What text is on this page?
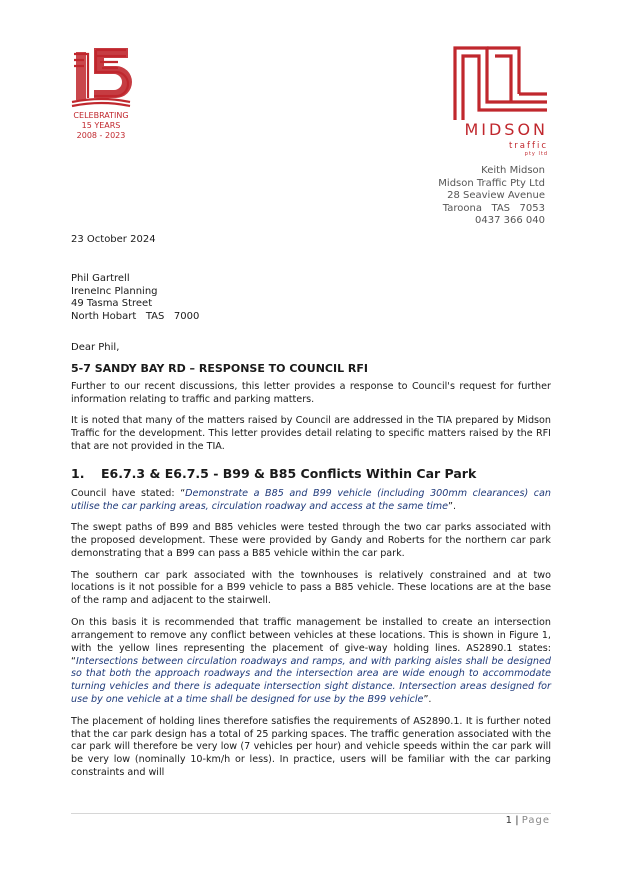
CELEBRATING
15 YEARS
2008 - 2023	MIDSON
traffic
pty ltd
Keith Midson
Midson Traffic Pty Ltd
28 Seaview Avenue
Taroona   TAS   7053
0437 366 040
23 October 2024
Phil Gartrell
IreneInc Planning
49 Tasma Street
North Hobart   TAS   7000
Dear Phil,
5-7 SANDY BAY RD – RESPONSE TO COUNCIL RFI

Further to our recent discussions, this letter provides a response to Council's request for further information relating to traffic and parking matters.

It is noted that many of the matters raised by Council are addressed in the TIA prepared by Midson Traffic for the development. This letter provides detail relating to specific matters raised by the RFI that are not provided in the TIA.

1. E6.7.3 & E6.7.5 - B99 & B85 Conflicts Within Car Park

Council have stated: “Demonstrate a B85 and B99 vehicle (including 300mm clearances) can utilise the car parking areas, circulation roadway and access at the same time”.

The swept paths of B99 and B85 vehicles were tested through the two car parks associated with the proposed development. These were provided by Gandy and Roberts for the northern car park demonstrating that a B99 can pass a B85 vehicle within the car park.

The southern car park associated with the townhouses is relatively constrained and at two locations is it not possible for a B99 vehicle to pass a B85 vehicle. These locations are at the base of the ramp and adjacent to the stairwell.

On this basis it is recommended that traffic management be installed to create an intersection arrangement to remove any conflict between vehicles at these locations. This is shown in Figure 1, with the yellow lines representing the placement of give-way holding lines. AS2890.1 states: “Intersections between circulation roadways and ramps, and with parking aisles shall be designed so that both the approach roadways and the intersection area are wide enough to accommodate turning vehicles and there is adequate intersection sight distance. Intersection areas designed for use by one vehicle at a time shall be designed for use by the B99 vehicle”.

The placement of holding lines therefore satisfies the requirements of AS2890.1. It is further noted that the car park design has a total of 25 parking spaces. The traffic generation associated with the car park will therefore be very low (7 vehicles per hour) and vehicle speeds within the car park will be very low (nominally 10-km/h or less). In practice, users will be familiar with the car parking constraints and will

1 | Page
